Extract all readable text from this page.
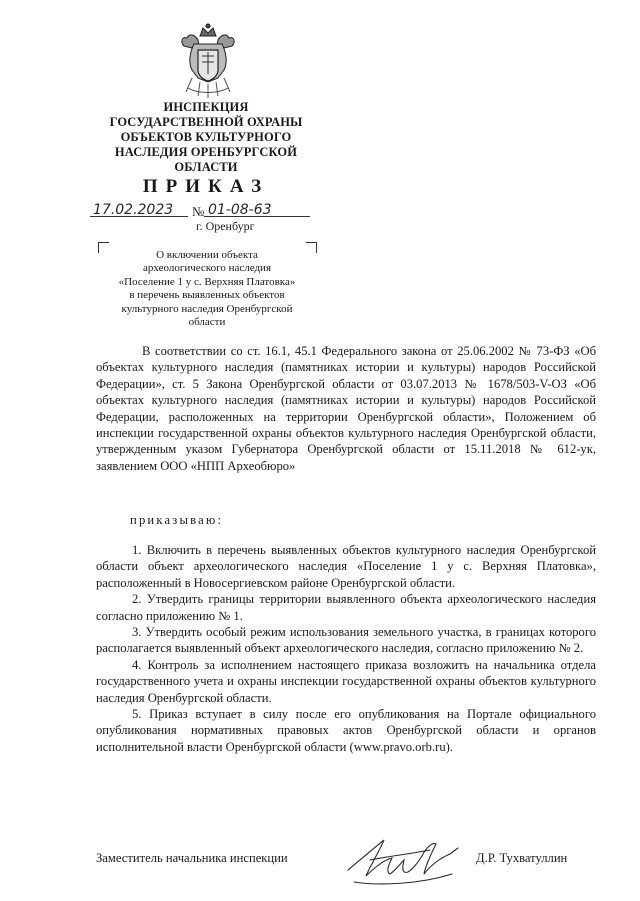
ИНСПЕКЦИЯ
ГОСУДАРСТВЕННОЙ ОХРАНЫ
ОБЪЕКТОВ КУЛЬТУРНОГО
НАСЛЕДИЯ ОРЕНБУРГСКОЙ
ОБЛАСТИ
ПРИКАЗ
17.02.2023 № 01-08-63
г. Оренбург
О включении объекта
археологического наследия
«Поселение 1 у с. Верхняя Платовка»
в перечень выявленных объектов
культурного наследия Оренбургской
области
В соответствии со ст. 16.1, 45.1 Федерального закона от 25.06.2002 № 73-ФЗ «Об объектах культурного наследия (памятниках истории и культуры) народов Российской Федерации», ст. 5 Закона Оренбургской области от 03.07.2013 № 1678/503-V-ОЗ «Об объектах культурного наследия (памятниках истории и культуры) народов Российской Федерации, расположенных на территории Оренбургской области», Положением об инспекции государственной охраны объектов культурного наследия Оренбургской области, утвержденным указом Губернатора Оренбургской области от 15.11.2018 № 612-ук, заявлением ООО «НПП Археобюро»
приказываю:

1. Включить в перечень выявленных объектов культурного наследия Оренбургской области объект археологического наследия «Поселение 1 у с. Верхняя Платовка», расположенный в Новосергиевском районе Оренбургской области.

2. Утвердить границы территории выявленного объекта археологического наследия согласно приложению № 1.

3. Утвердить особый режим использования земельного участка, в границах которого располагается выявленный объект археологического наследия, согласно приложению № 2.

4. Контроль за исполнением настоящего приказа возложить на начальника отдела государственного учета и охраны инспекции государственной охраны объектов культурного наследия Оренбургской области.

5. Приказ вступает в силу после его опубликования на Портале официального опубликования нормативных правовых актов Оренбургской области и органов исполнительной власти Оренбургской области (www.pravo.orb.ru).

Заместитель начальника инспекции	Д.Р. Тухватуллин
